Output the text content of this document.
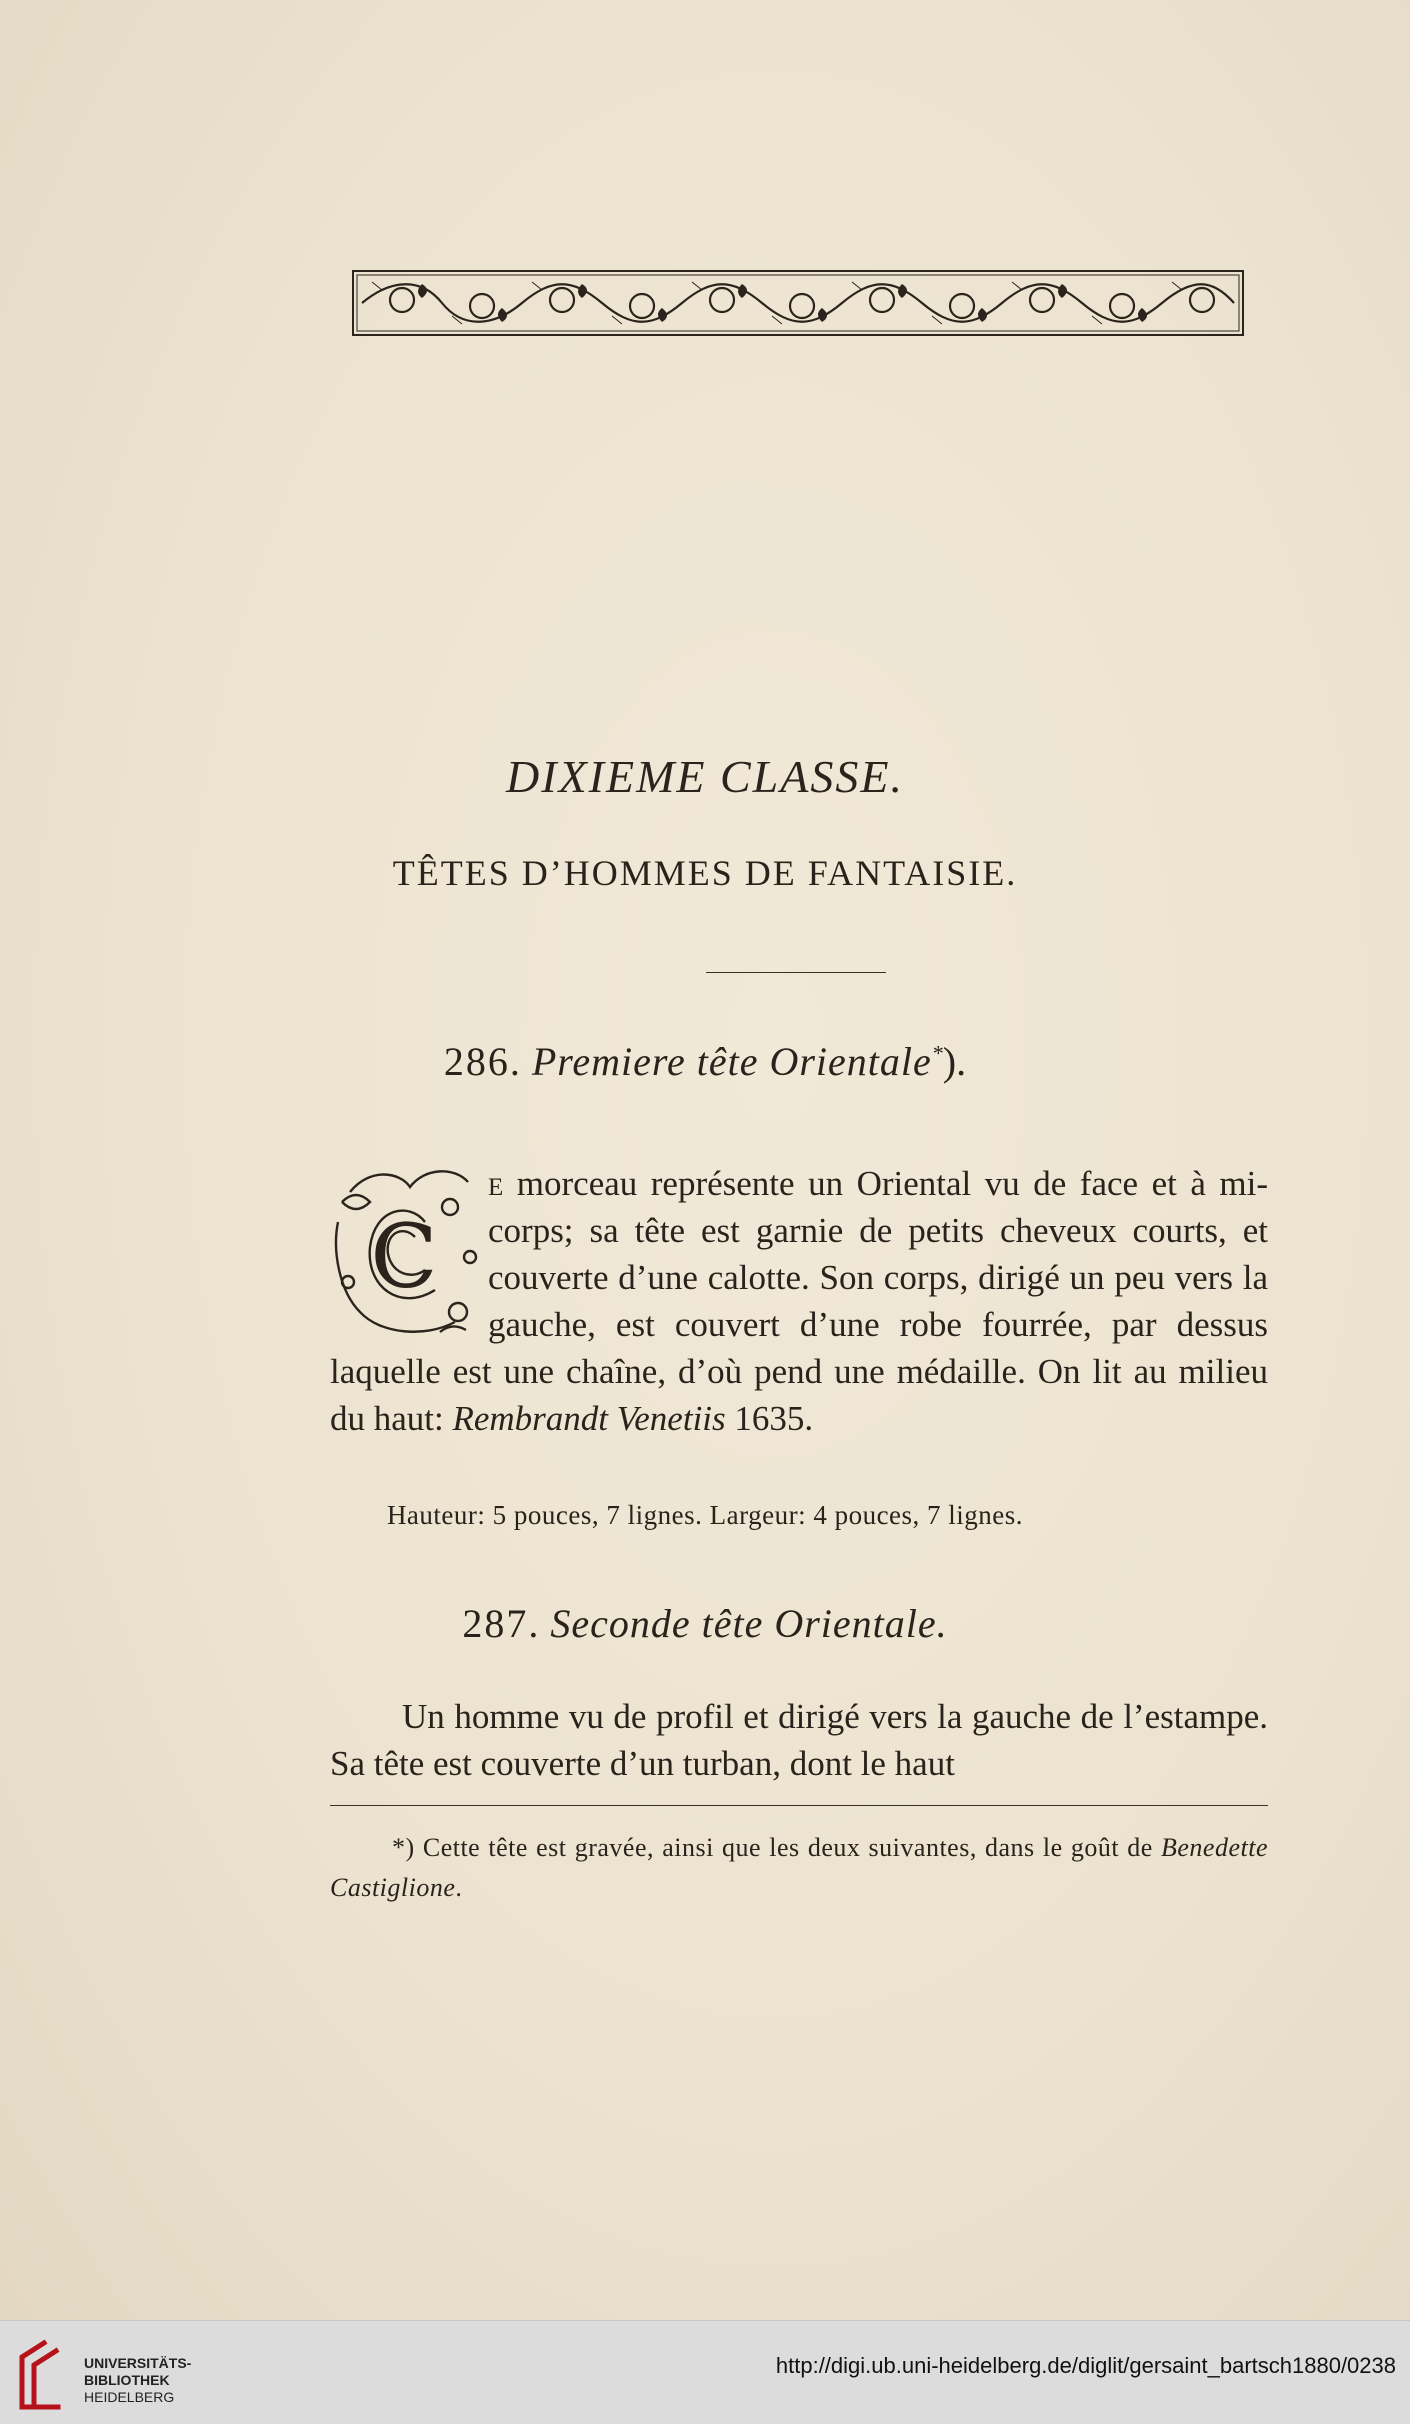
DIXIEME CLASSE.
TÊTES D’HOMMES DE FANTAISIE.
286. Premiere tête Orientale*).
C
e morceau représente un Oriental vu de face et à mi-corps; sa tête est garnie de petits cheveux courts, et couverte d’une calotte. Son corps, dirigé un peu vers la gauche, est couvert d’une robe fourrée, par dessus laquelle est une chaîne, d’où pend une médaille. On lit au milieu du haut: Rembrandt Venetiis 1635.
Hauteur: 5 pouces, 7 lignes. Largeur: 4 pouces, 7 lignes.
287. Seconde tête Orientale.
Un homme vu de profil et dirigé vers la gauche de l’estampe. Sa tête est couverte d’un turban, dont le haut
*) Cette tête est gravée, ainsi que les deux suivantes, dans le goût de Benedette Castiglione.
UNIVERSITÄTS-
BIBLIOTHEK
HEIDELBERG
http://digi.ub.uni-heidelberg.de/diglit/gersaint_bartsch1880/0238
